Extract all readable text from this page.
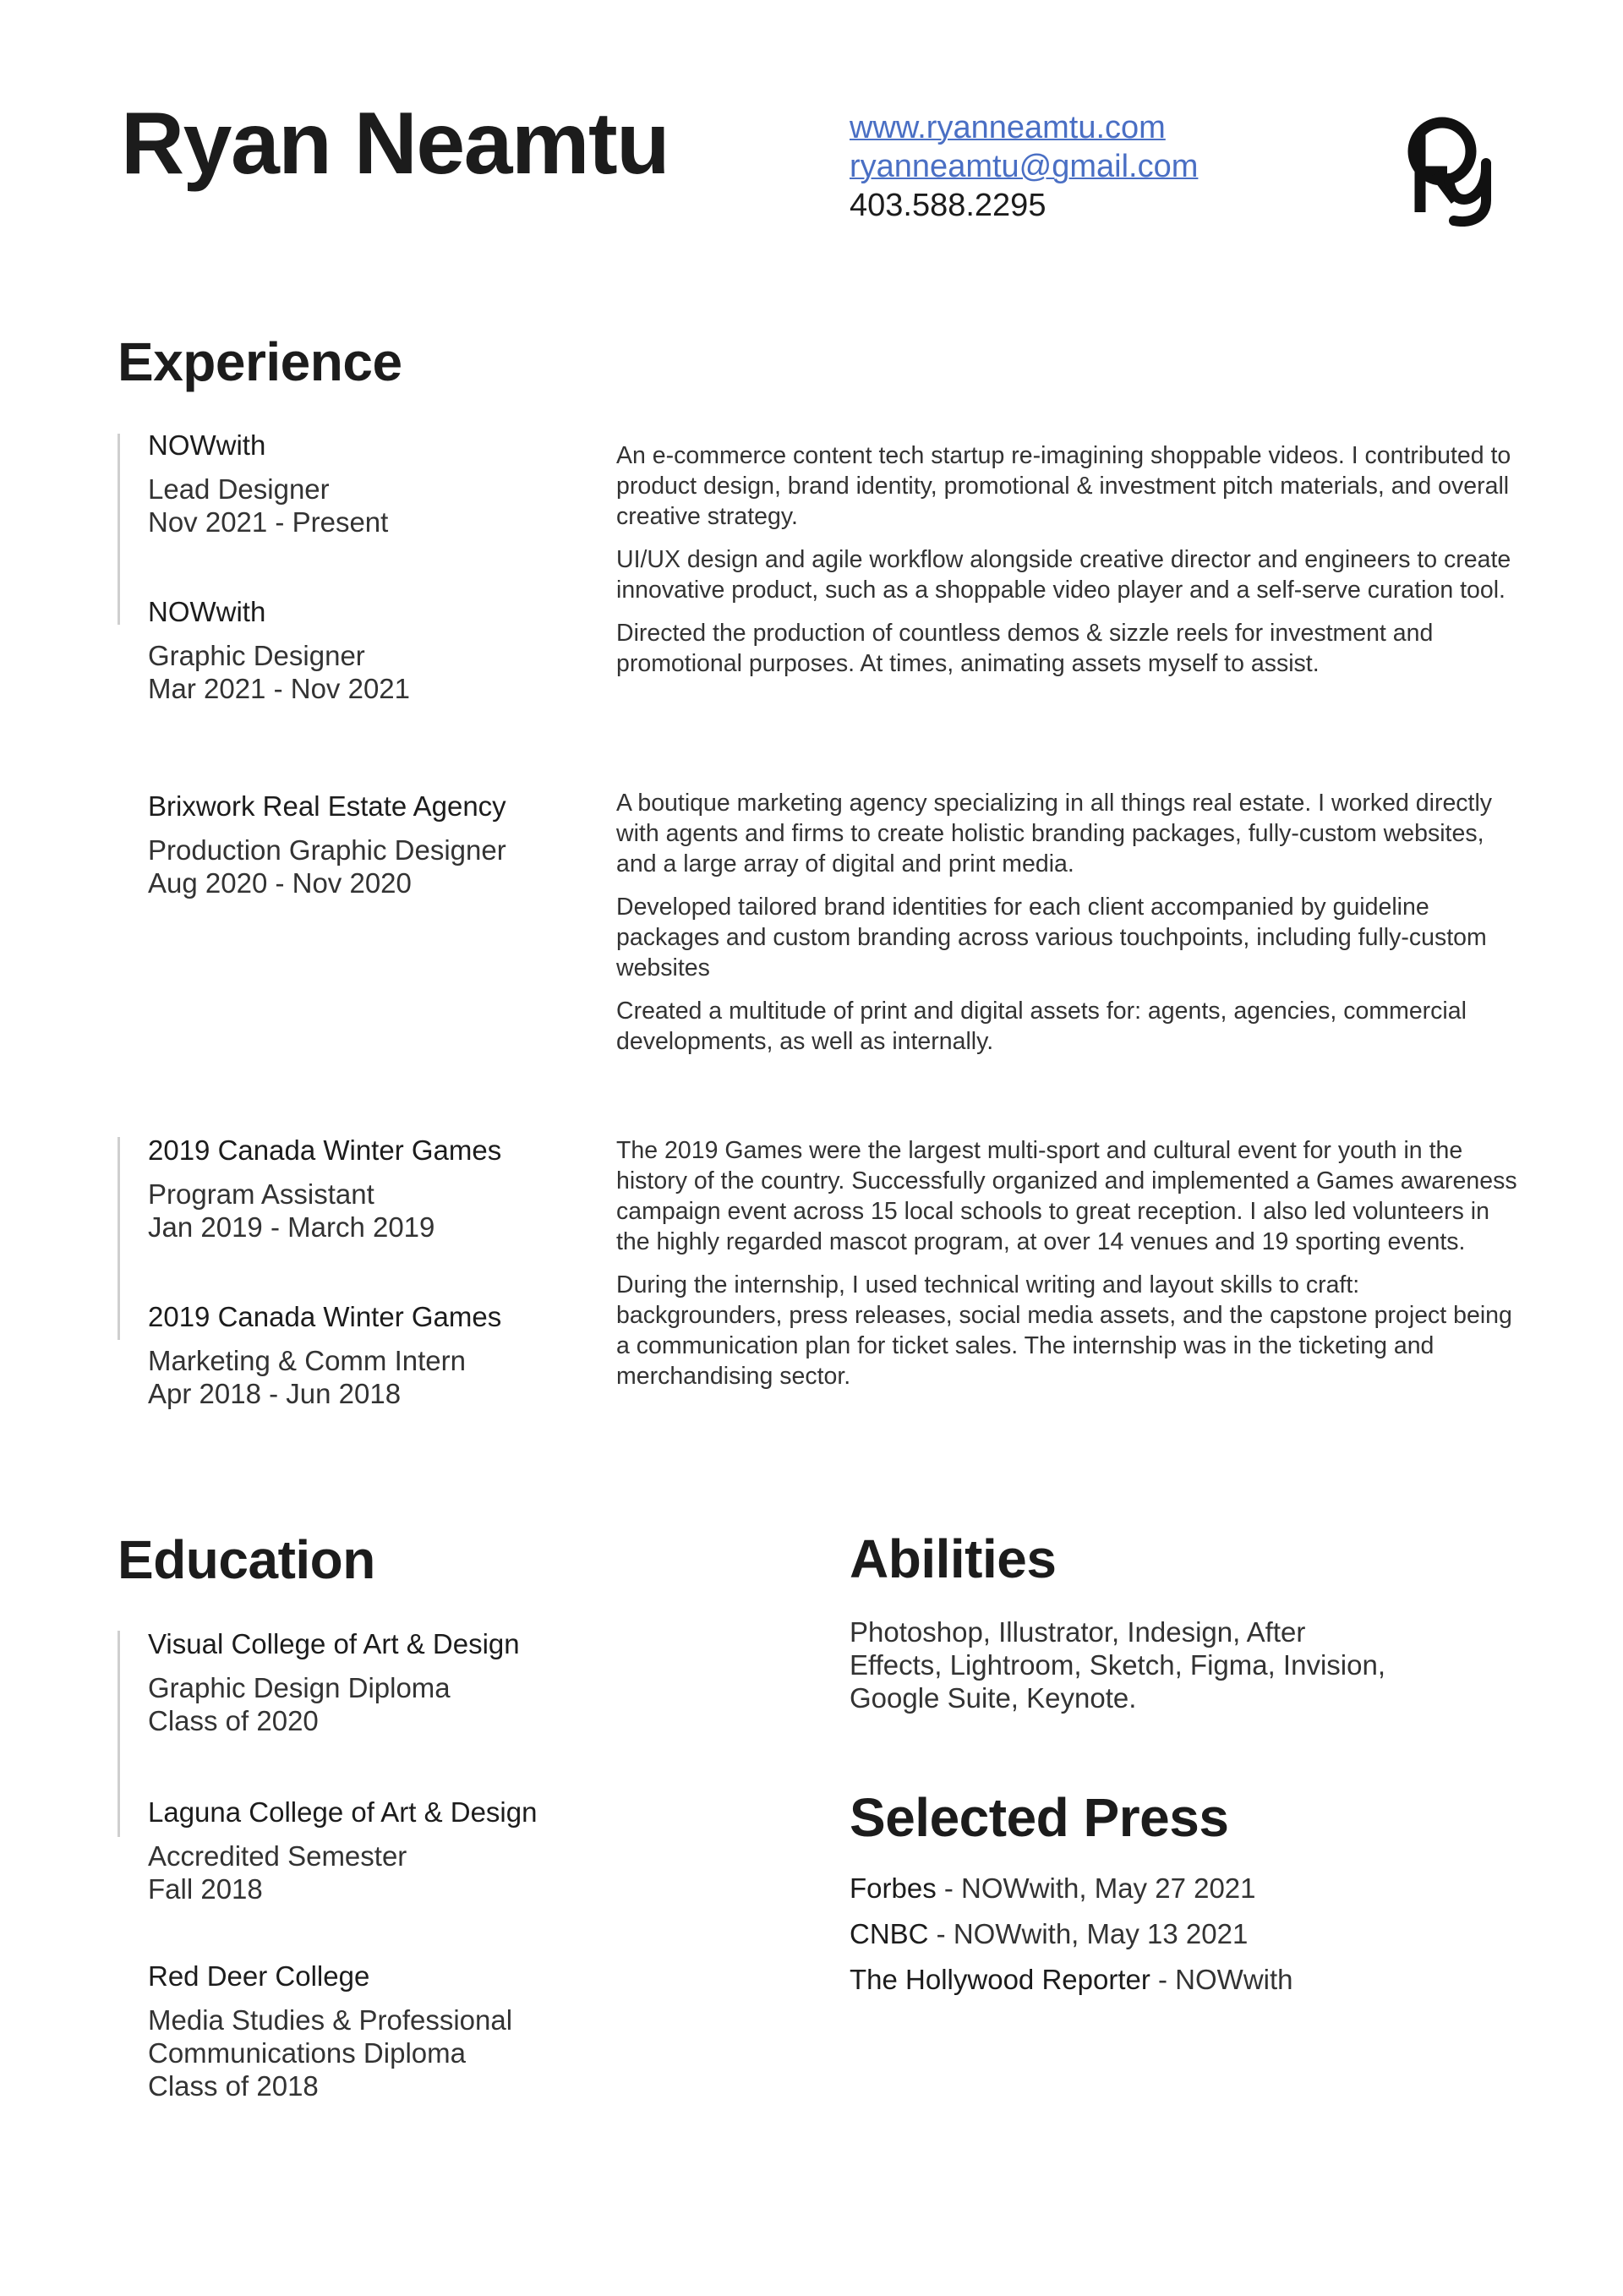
Ryan Neamtu	www.ryanneamtu.com
ryanneamtu@gmail.com
403.588.2295
Experience
NOWwith
Lead Designer
Nov 2021 - Present
NOWwith
Graphic Designer
Mar 2021 - Nov 2021

An e-commerce content tech startup re-imagining shoppable videos. I contributed to product design, brand identity, promotional & investment pitch materials, and overall creative strategy.

UI/UX design and agile workflow alongside creative director and engineers to create innovative product, such as a shoppable video player and a self-serve curation tool.

Directed the production of countless demos & sizzle reels for investment and promotional purposes. At times, animating assets myself to assist.

Brixwork Real Estate Agency
Production Graphic Designer
Aug 2020 - Nov 2020

A boutique marketing agency specializing in all things real estate. I worked directly with agents and firms to create holistic branding packages, fully-custom websites, and a large array of digital and print media.

Developed tailored brand identities for each client accompanied by guideline packages and custom branding across various touchpoints, including fully-custom websites

Created a multitude of print and digital assets for: agents, agencies, commercial developments, as well as internally.

2019 Canada Winter Games
Program Assistant
Jan 2019 - March 2019
2019 Canada Winter Games
Marketing & Comm Intern
Apr 2018 - Jun 2018

The 2019 Games were the largest multi-sport and cultural event for youth in the history of the country. Successfully organized and implemented a Games awareness campaign event across 15 local schools to great reception. I also led volunteers in the highly regarded mascot program, at over 14 venues and 19 sporting events.

During the internship, I used technical writing and layout skills to craft: backgrounders, press releases, social media assets, and the capstone project being a communication plan for ticket sales. The internship was in the ticketing and merchandising sector.

Education
Visual College of Art & Design
Graphic Design Diploma
Class of 2020
Laguna College of Art & Design
Accredited Semester
Fall 2018
Red Deer College
Media Studies & Professional
Communications Diploma
Class of 2018
Abilities
Photoshop, Illustrator, Indesign, After Effects, Lightroom, Sketch, Figma, Invision, Google Suite, Keynote.
Selected Press
Forbes - NOWwith, May 27 2021
CNBC - NOWwith, May 13 2021
The Hollywood Reporter - NOWwith
